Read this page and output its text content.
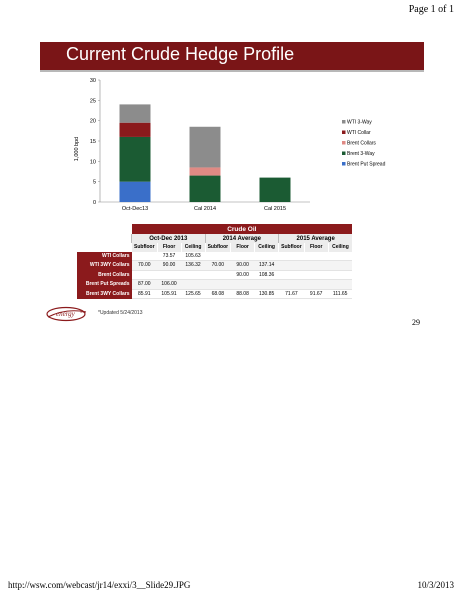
Page 1 of 1
Current Crude Hedge Profile
0
5
10
15
20
25
30
Oct-Dec13	Cal 2014	Cal 2015
WTI 3-Way
WTI Collar
Brent Collars
Brent 3-Way
Brent Put Spread
1,000 bpd
	Crude Oil								
	Oct-Dec 2013			2014 Average			2015 Average		
	Subfloor	Floor	Ceiling	Subfloor	Floor	Ceiling	Subfloor	Floor	Ceiling
WTI Collars		73.57	105.63						
WTI 3WY Collars	70.00	90.00	136.32	70.00	90.00	137.14			
Brent Collars					90.00	108.36			
Brent Put Spreads	87.00	106.00							
Brent 3WY Collars	85.91	105.91	125.65	68.08	88.08	130.85	71.67	91.67	111.65
energy XXI	*Updated 5/24/2013
29
http://wsw.com/webcast/jr14/exxi/3__Slide29.JPG	10/3/2013
